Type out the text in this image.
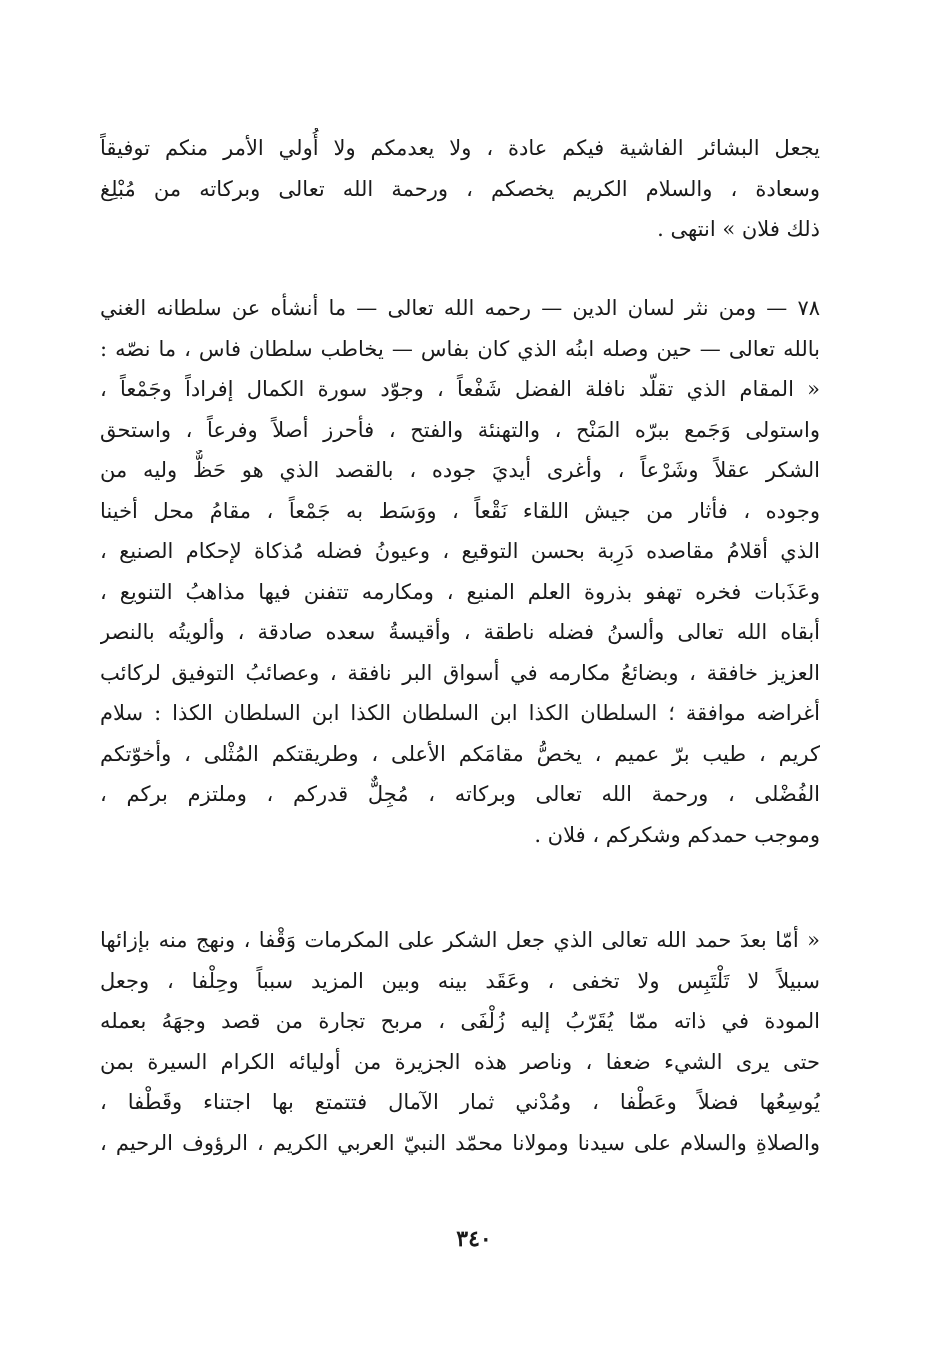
يجعل البشائر الفاشية فيكم عادة ، ولا يعدمكم ولا أُولي الأمر منكم توفيقاً
وسعادة ، والسلام الكريم يخصكم ، ورحمة الله تعالى وبركاته من مُبْلِغ
ذلك فلان » انتهى .
٧٨ — ومن نثر لسان الدين — رحمه الله تعالى — ما أنشأه عن سلطانه الغني
بالله تعالى — حين وصله ابنُه الذي كان بفاس — يخاطب سلطان فاس ، ما نصّه :
« المقام الذي تقلّد نافلة الفضل شَفْعاً ، وجوّد سورة الكمال إفراداً وجَمْعاً ،
واستولى وَجَمع ببرّه المَنْح ، والتهنئة والفتح ، فأحرز أصلاً وفرعاً ، واستحق
الشكر عقلاً وشَرْعاً ، وأغرى أيديَ جوده ، بالقصد الذي هو حَظٌّ وليه من
وجوده ، فأثار من جيش اللقاء نَقْعاً ، ووَسَط به جَمْعاً ، مقامُ محل أخينا
الذي أقلامُ مقاصده دَرِبة بحسن التوقيع ، وعيونُ فضله مُذكاة لإحكام الصنيع ،
وعَذَبات فخره تهفو بذروة العلم المنيع ، ومكارمه تتفنن فيها مذاهبُ التنويع ،
أبقاه الله تعالى وألسنُ فضله ناطقة ، وأقيسةُ سعده صادقة ، وألويتُه بالنصر
العزيز خافقة ، وبضائعُ مكارمه في أسواق البر نافقة ، وعصائبُ التوفيق لركائب
أغراضه موافقة ؛ السلطان الكذا ابن السلطان الكذا ابن السلطان الكذا : سلام
كريم ، طيب برّ عميم ، يخصُّ مقامَكم الأعلى ، وطريقتكم المُثْلى ، وأخوّتكم
الفُضْلى ، ورحمة الله تعالى وبركاته ، مُجِلٌّ قدركم ، وملتزم بركم ،
وموجب حمدكم وشكركم ، فلان .
« أمّا بعدَ حمد الله تعالى الذي جعل الشكر على المكرمات وَقْفا ، ونهج منه بإزائها
سبيلاً لا تَلْتَبِس ولا تخفى ، وعَقَد بينه وبين المزيد سبباً وحِلْفا ، وجعل
المودة في ذاته ممّا يُقَرّبُ إليه زُلْفَى ، مربح تجارة من قصد وجهَهُ بعمله
حتى يرى الشيء ضعفا ، وناصر هذه الجزيرة من أوليائه الكرام السيرة بمن
يُوسِعُها فضلاً وعَطْفا ، ومُدْني ثمار الآمال فتتمتع بها اجتناء وقَطْفا ،
والصلاةِ والسلام على سيدنا ومولانا محمّد النبيّ العربي الكريم ، الرؤوف الرحيم ،
٣٤٠
